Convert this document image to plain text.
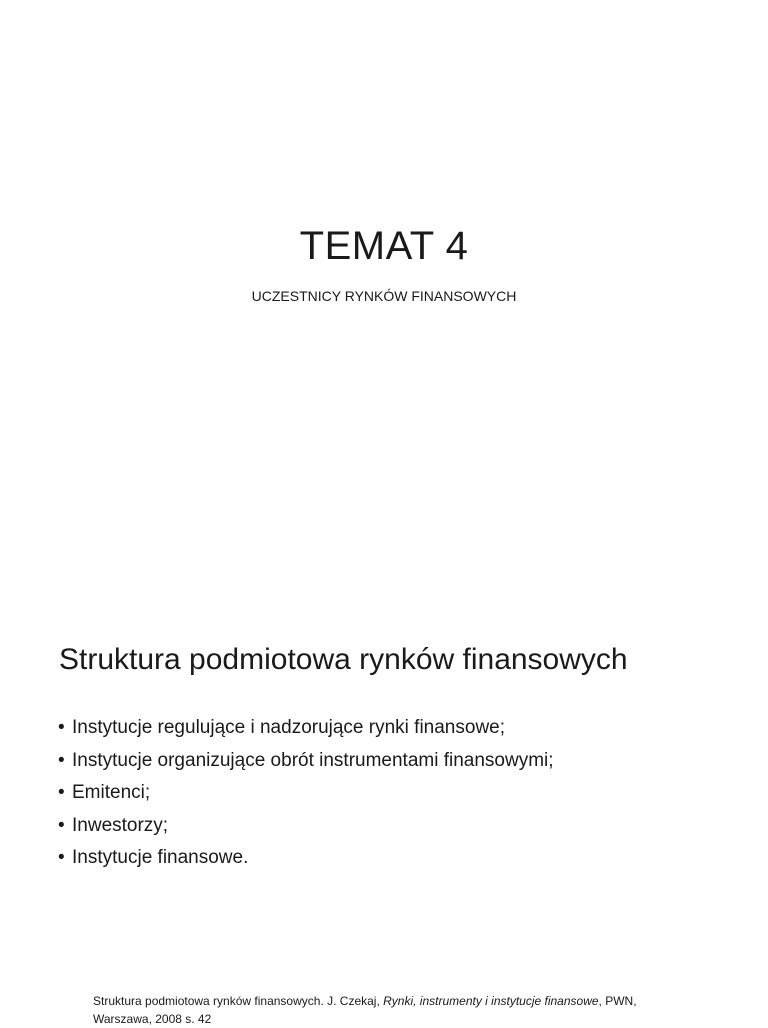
TEMAT 4
UCZESTNICY RYNKÓW FINANSOWYCH
Struktura podmiotowa rynków finansowych
• Instytucje regulujące i nadzorujące rynki finansowe;
• Instytucje organizujące obrót instrumentami finansowymi;
• Emitenci;
• Inwestorzy;
• Instytucje finansowe.
Struktura podmiotowa rynków finansowych. J. Czekaj, Rynki, instrumenty i instytucje finansowe, PWN, Warszawa, 2008 s. 42
